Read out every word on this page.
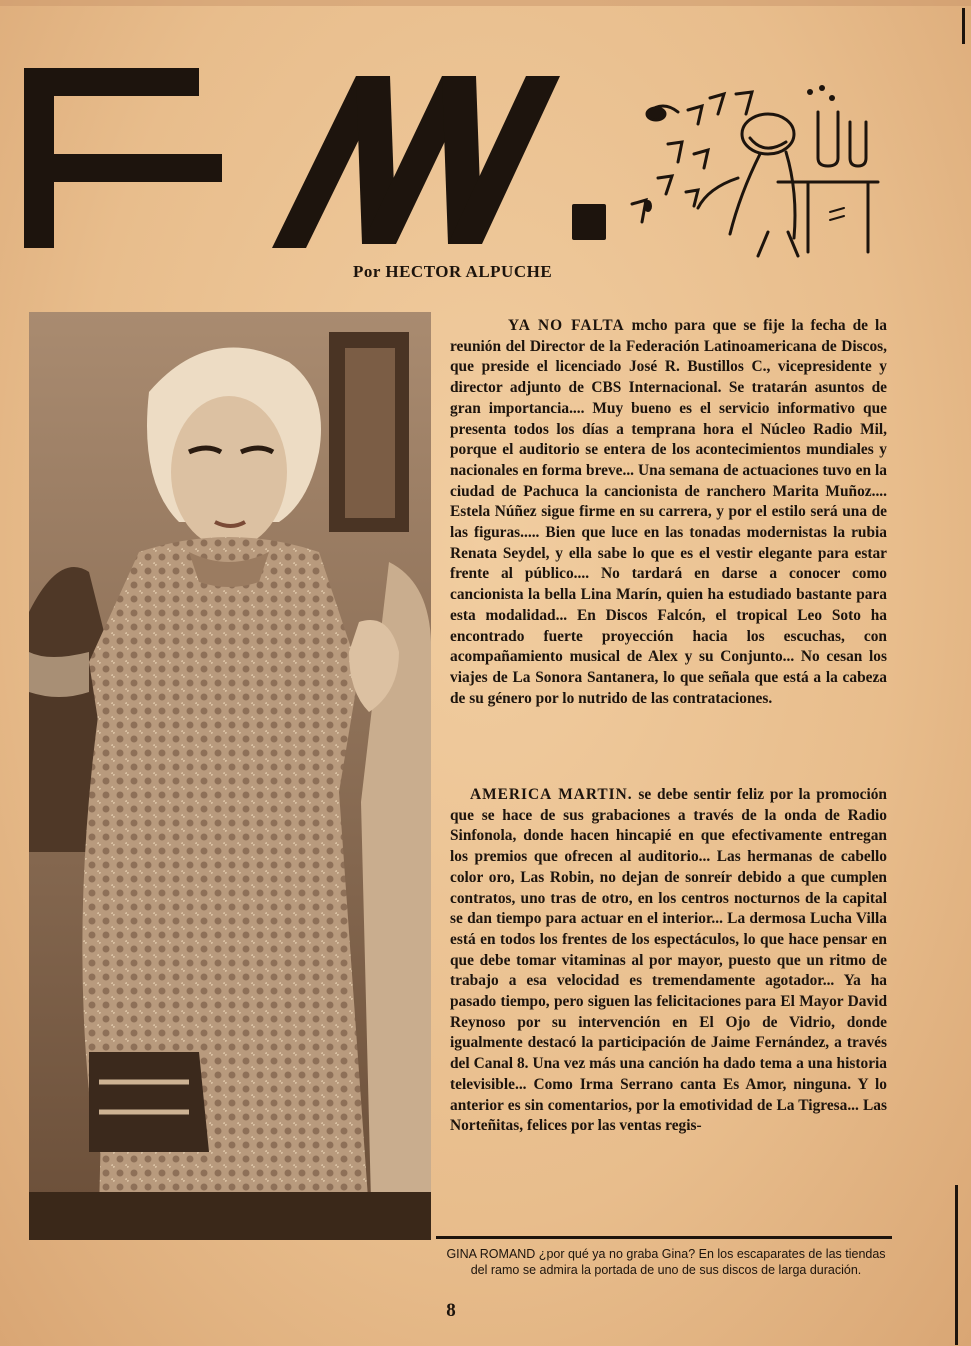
Por HECTOR ALPUCHE

YA NO FALTA mcho para que se fije la fecha de la reunión del Director de la Federación Latinoamericana de Discos, que preside el licenciado José R. Bustillos C., vicepresidente y director adjunto de CBS Internacional. Se tratarán asuntos de gran importancia.... Muy bueno es el servicio informativo que presenta todos los días a temprana hora el Núcleo Radio Mil, porque el auditorio se entera de los acontecimientos mundiales y nacionales en forma breve... Una semana de actuaciones tuvo en la ciudad de Pachuca la cancionista de ranchero Marita Muñoz.... Estela Núñez sigue firme en su carrera, y por el estilo será una de las figuras..... Bien que luce en las tonadas modernistas la rubia Renata Seydel, y ella sabe lo que es el vestir elegante para estar frente al público.... No tardará en darse a conocer como cancionista la bella Lina Marín, quien ha estudiado bastante para esta modalidad... En Discos Falcón, el tropical Leo Soto ha encontrado fuerte proyección hacia los escuchas, con acompañamiento musical de Alex y su Conjunto... No cesan los viajes de La Sonora Santanera, lo que señala que está a la cabeza de su género por lo nutrido de las contrataciones.

AMERICA MARTIN. se debe sentir feliz por la promoción que se hace de sus grabaciones a través de la onda de Radio Sinfonola, donde hacen hincapié en que efectivamente entregan los premios que ofrecen al auditorio... Las hermanas de cabello color oro, Las Robin, no dejan de sonreír debido a que cumplen contratos, uno tras de otro, en los centros nocturnos de la capital se dan tiempo para actuar en el interior... La dermosa Lucha Villa está en todos los frentes de los espectáculos, lo que hace pensar en que debe tomar vitaminas al por mayor, puesto que un ritmo de trabajo a esa velocidad es tremendamente agotador... Ya ha pasado tiempo, pero siguen las felicitaciones para El Mayor David Reynoso por su intervención en El Ojo de Vidrio, donde igualmente destacó la participación de Jaime Fernández, a través del Canal 8. Una vez más una canción ha dado tema a una historia televisible... Como Irma Serrano canta Es Amor, ninguna. Y lo anterior es sin comentarios, por la emotividad de La Tigresa... Las Norteñitas, felices por las ventas regis-

GINA ROMAND ¿por qué ya no graba Gina? En los escaparates de las tiendas del ramo se admira la portada de uno de sus discos de larga duración.
8
